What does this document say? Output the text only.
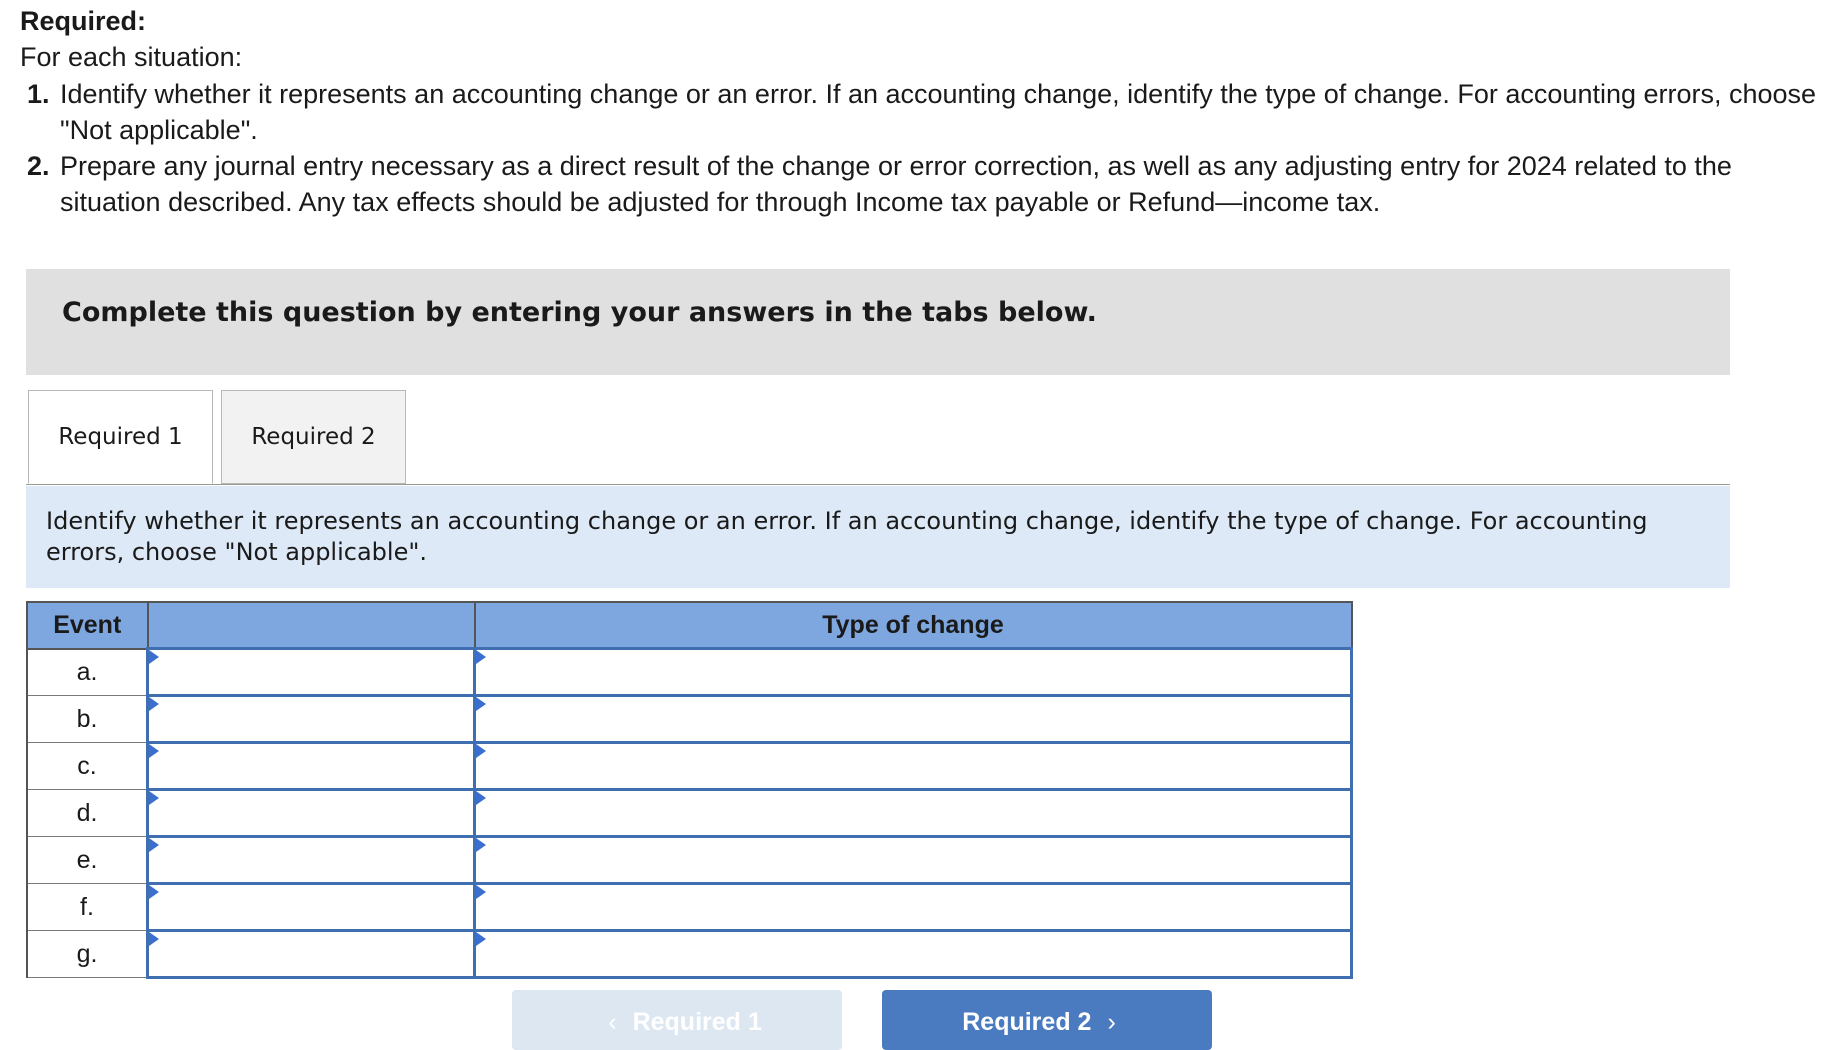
Required:
For each situation:
1. Identify whether it represents an accounting change or an error. If an accounting change, identify the type of change. For accounting errors, choose "Not applicable".
2. Prepare any journal entry necessary as a direct result of the change or error correction, as well as any adjusting entry for 2024 related to the situation described. Any tax effects should be adjusted for through Income tax payable or Refund—income tax.
Complete this question by entering your answers in the tabs below.
Required 1	Required 2
Identify whether it represents an accounting change or an error. If an accounting change, identify the type of change. For accounting errors, choose "Not applicable".
Event		Type of change
a.	

b.	

c.	

d.	

e.	

f.	

g.	

‹ Required 1	Required 2 ›
